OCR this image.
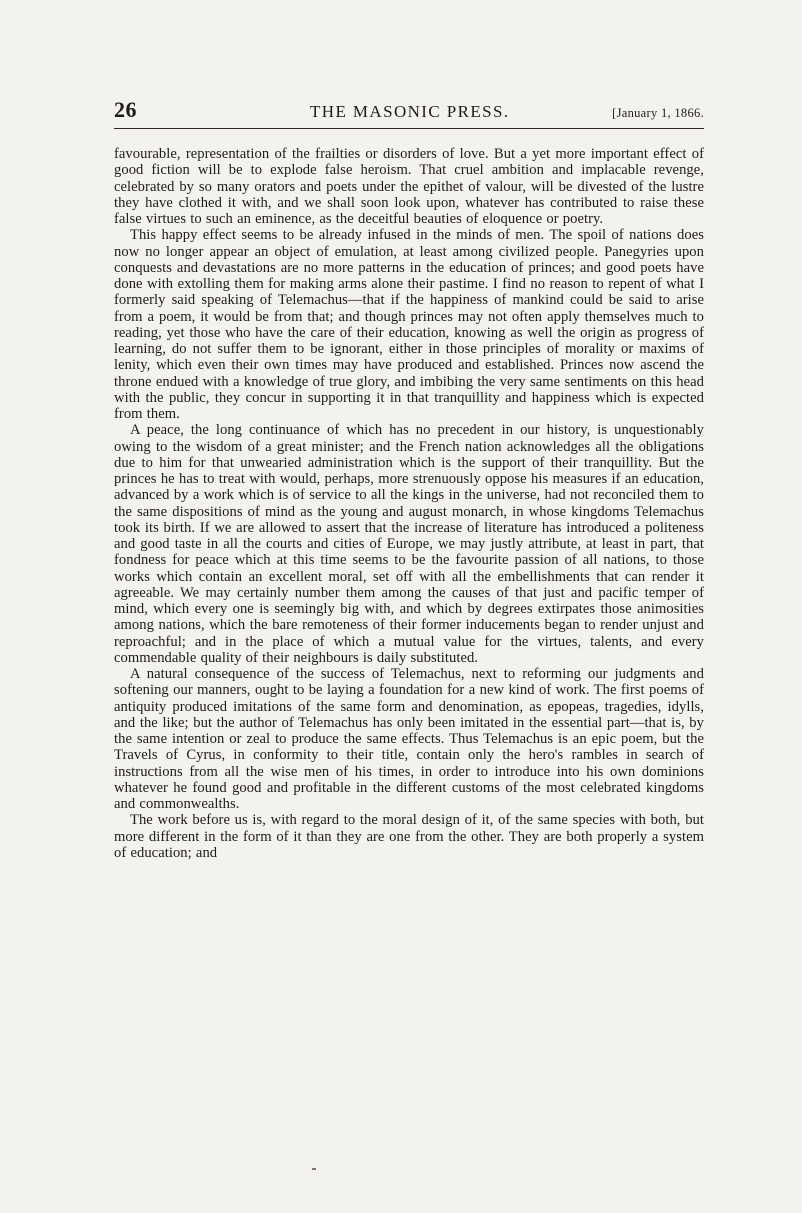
26	THE MASONIC PRESS.	[January 1, 1866.

favourable, representation of the frailties or disorders of love. But a yet more important effect of good fiction will be to explode false heroism. That cruel ambition and implacable revenge, celebrated by so many orators and poets under the epithet of valour, will be divested of the lustre they have clothed it with, and we shall soon look upon, whatever has contributed to raise these false virtues to such an eminence, as the deceitful beauties of eloquence or poetry.

This happy effect seems to be already infused in the minds of men. The spoil of nations does now no longer appear an object of emulation, at least among civilized people. Panegyries upon conquests and devastations are no more patterns in the education of princes; and good poets have done with extolling them for making arms alone their pastime. I find no reason to repent of what I formerly said speaking of Telemachus—that if the happiness of mankind could be said to arise from a poem, it would be from that; and though princes may not often apply themselves much to reading, yet those who have the care of their education, knowing as well the origin as progress of learning, do not suffer them to be ignorant, either in those principles of morality or maxims of lenity, which even their own times may have produced and established. Princes now ascend the throne endued with a knowledge of true glory, and imbibing the very same sentiments on this head with the public, they concur in supporting it in that tranquillity and happiness which is expected from them.

A peace, the long continuance of which has no precedent in our history, is unquestionably owing to the wisdom of a great minister; and the French nation acknowledges all the obligations due to him for that unwearied administration which is the support of their tranquillity. But the princes he has to treat with would, perhaps, more strenuously oppose his measures if an education, advanced by a work which is of service to all the kings in the universe, had not reconciled them to the same dispositions of mind as the young and august monarch, in whose kingdoms Telemachus took its birth. If we are allowed to assert that the increase of literature has introduced a politeness and good taste in all the courts and cities of Europe, we may justly attribute, at least in part, that fondness for peace which at this time seems to be the favourite passion of all nations, to those works which contain an excellent moral, set off with all the embellishments that can render it agreeable. We may certainly number them among the causes of that just and pacific temper of mind, which every one is seemingly big with, and which by degrees extirpates those animosities among nations, which the bare remoteness of their former inducements began to render unjust and reproachful; and in the place of which a mutual value for the virtues, talents, and every commendable quality of their neighbours is daily substituted.

A natural consequence of the success of Telemachus, next to reforming our judgments and softening our manners, ought to be laying a foundation for a new kind of work. The first poems of antiquity produced imitations of the same form and denomination, as epopeas, tragedies, idylls, and the like; but the author of Telemachus has only been imitated in the essential part—that is, by the same intention or zeal to produce the same effects. Thus Telemachus is an epic poem, but the Travels of Cyrus, in conformity to their title, contain only the hero's rambles in search of instructions from all the wise men of his times, in order to introduce into his own dominions whatever he found good and profitable in the different customs of the most celebrated kingdoms and commonwealths.

The work before us is, with regard to the moral design of it, of the same species with both, but more different in the form of it than they are one from the other. They are both properly a system of education; and
